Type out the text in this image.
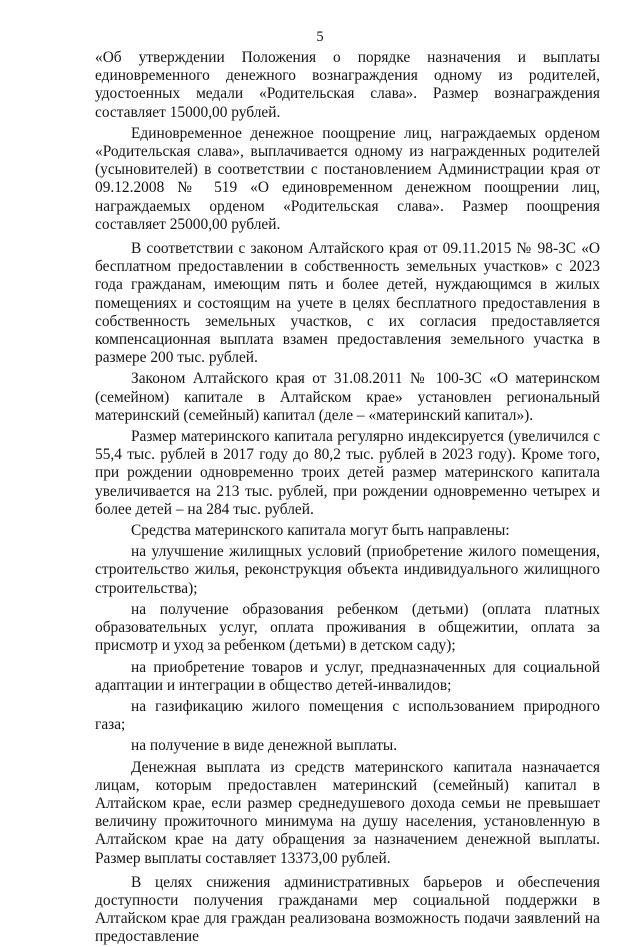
5

«Об утверждении Положения о порядке назначения и выплаты единовременного денежного вознаграждения одному из родителей, удостоенных медали «Родительская слава». Размер вознаграждения составляет 15000,00 рублей.

Единовременное денежное поощрение лиц, награждаемых орденом «Родительская слава», выплачивается одному из награжденных родителей (усыновителей) в соответствии с постановлением Администрации края от 09.12.2008 № 519 «О единовременном денежном поощрении лиц, награждаемых орденом «Родительская слава». Размер поощрения составляет 25000,00 рублей.

В соответствии с законом Алтайского края от 09.11.2015 № 98-ЗС «О бесплатном предоставлении в собственность земельных участков» с 2023 года гражданам, имеющим пять и более детей, нуждающимся в жилых помещениях и состоящим на учете в целях бесплатного предоставления в собственность земельных участков, с их согласия предоставляется компенсационная выплата взамен предоставления земельного участка в размере 200 тыс. рублей.

Законом Алтайского края от 31.08.2011 № 100-ЗС «О материнском (семейном) капитале в Алтайском крае» установлен региональный материнский (семейный) капитал (деле – «материнский капитал»).

Размер материнского капитала регулярно индексируется (увеличился с 55,4 тыс. рублей в 2017 году до 80,2 тыс. рублей в 2023 году). Кроме того, при рождении одновременно троих детей размер материнского капитала увеличивается на 213 тыс. рублей, при рождении одновременно четырех и более детей – на 284 тыс. рублей.

Средства материнского капитала могут быть направлены:

на улучшение жилищных условий (приобретение жилого помещения, строительство жилья, реконструкция объекта индивидуального жилищного строительства);

на получение образования ребенком (детьми) (оплата платных образовательных услуг, оплата проживания в общежитии, оплата за присмотр и уход за ребенком (детьми) в детском саду);

на приобретение товаров и услуг, предназначенных для социальной адаптации и интеграции в общество детей-инвалидов;

на газификацию жилого помещения с использованием природного газа;

на получение в виде денежной выплаты.

Денежная выплата из средств материнского капитала назначается лицам, которым предоставлен материнский (семейный) капитал в Алтайском крае, если размер среднедушевого дохода семьи не превышает величину прожиточного минимума на душу населения, установленную в Алтайском крае на дату обращения за назначением денежной выплаты. Размер выплаты составляет 13373,00 рублей.

В целях снижения административных барьеров и обеспечения доступности получения гражданами мер социальной поддержки в Алтайском крае для граждан реализована возможность подачи заявлений на предоставление
